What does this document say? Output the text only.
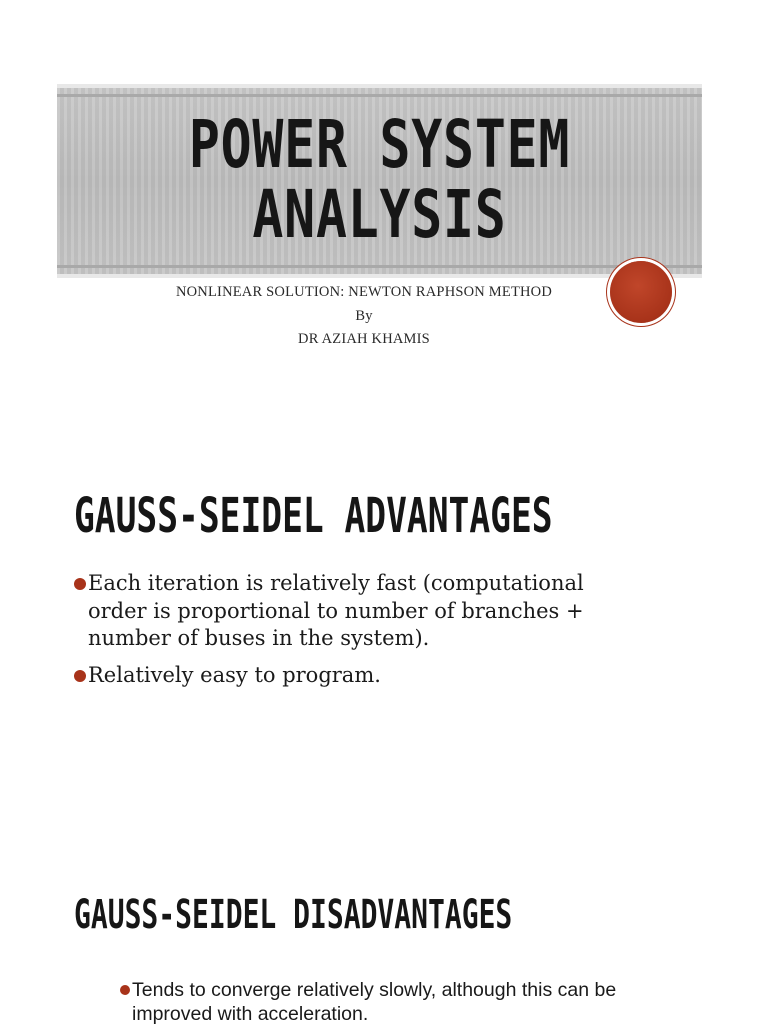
POWER SYSTEM
ANALYSIS
NONLINEAR SOLUTION: NEWTON RAPHSON METHOD
By
DR AZIAH KHAMIS
GAUSS-SEIDEL ADVANTAGES
Each iteration is relatively fast (computational order is proportional to number of branches + number of buses in the system).
Relatively easy to program.
GAUSS-SEIDEL DISADVANTAGES
Tends to converge relatively slowly, although this can be improved with acceleration.
